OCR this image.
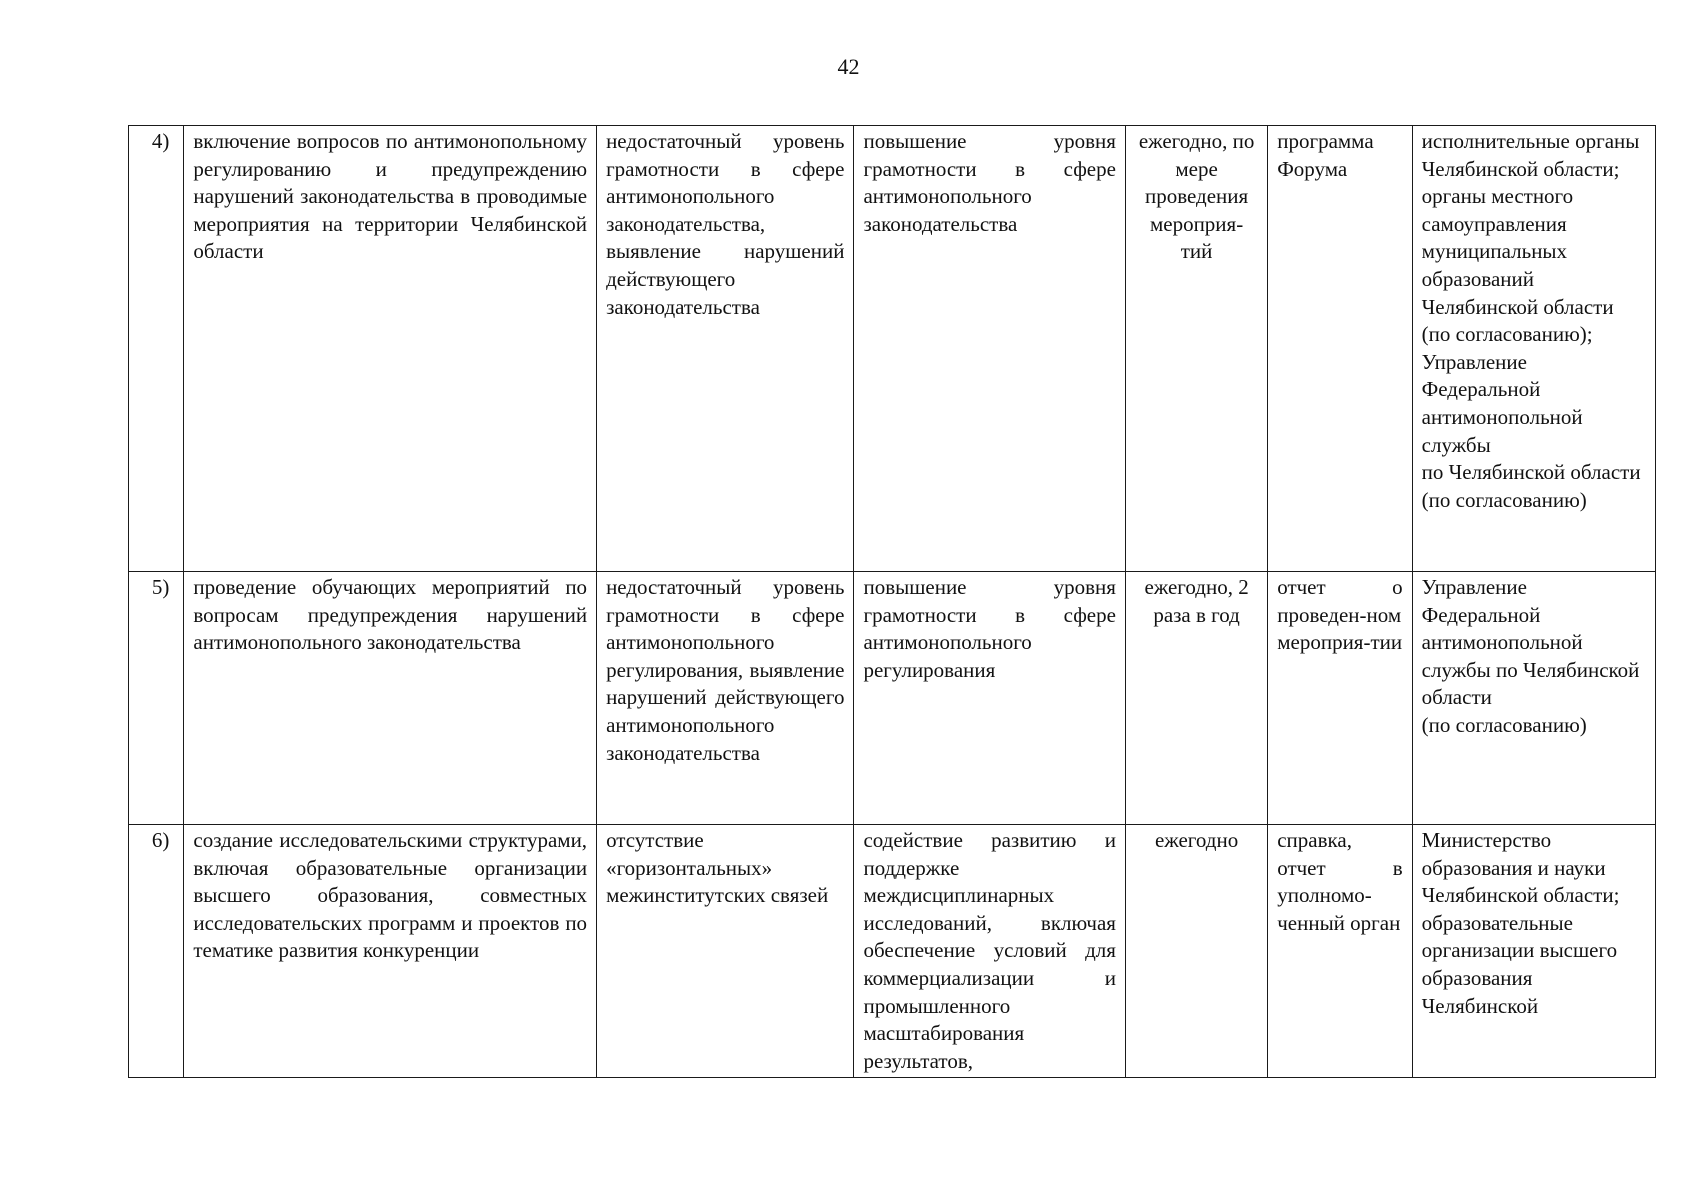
42
4)	включение вопросов по антимонопольному регулированию и предупреждению нарушений законодательства в проводимые мероприятия на территории Челябинской области	недостаточный уровень грамотности в сфере антимонопольного законодательства, выявление нарушений действующего законодательства	повышение уровня грамотности в сфере антимонопольного законодательства	ежегодно, по мере проведения мероприя-тий	программа Форума	исполнительные органы Челябинской области;
органы местного самоуправления муниципальных образований Челябинской области (по согласованию);
Управление Федеральной антимонопольной службы
по Челябинской области
(по согласованию)

5)	проведение обучающих мероприятий по вопросам предупреждения нарушений антимонопольного законодательства	недостаточный уровень грамотности в сфере антимонопольного регулирования, выявление нарушений действующего антимонопольного законодательства	повышение уровня грамотности в сфере антимонопольного регулирования	ежегодно, 2 раза в год	отчет о проведен-ном мероприя-тии	Управление Федеральной антимонопольной службы по Челябинской области
(по согласованию)

6)	создание исследовательскими структурами, включая образовательные организации высшего образования, совместных исследовательских программ и проектов по тематике развития конкуренции	отсутствие «горизонтальных» межинститутских связей	содействие развитию и поддержке междисциплинарных исследований, включая обеспечение условий для коммерциализации и промышленного масштабирования результатов,	ежегодно	справка, отчет в уполномо-ченный орган	Министерство образования и науки Челябинской области;
образовательные организации высшего образования Челябинской
